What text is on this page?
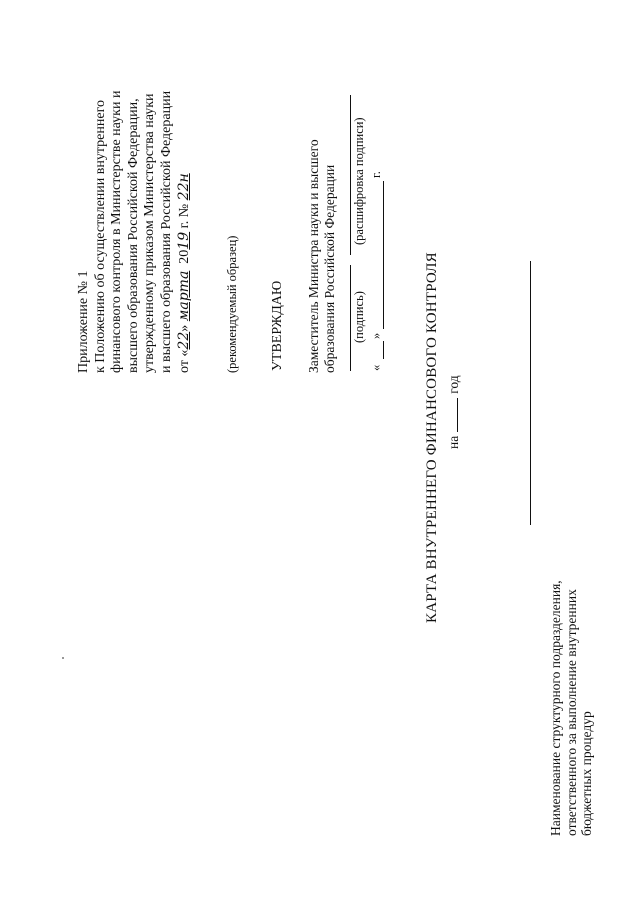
Приложение № 1 к Положению об осуществлении внутреннего финансового контроля в Министерстве науки и высшего образования Российской Федерации, утвержденному приказом Министерства науки и высшего образования Российской Федерации от «22» марта  2019 г. № 22н
(рекомендуемый образец) УТВЕРЖДАЮ Заместитель Министра науки и высшего образования Российской Федерации (подпись)
(расшифровка подписи)
«
»
г.
КАРТА ВНУТРЕННЕГО ФИНАНСОВОГО КОНТРОЛЯ нагод
Наименование структурного подразделения, ответственного за выполнение внутренних бюджетных процедур
